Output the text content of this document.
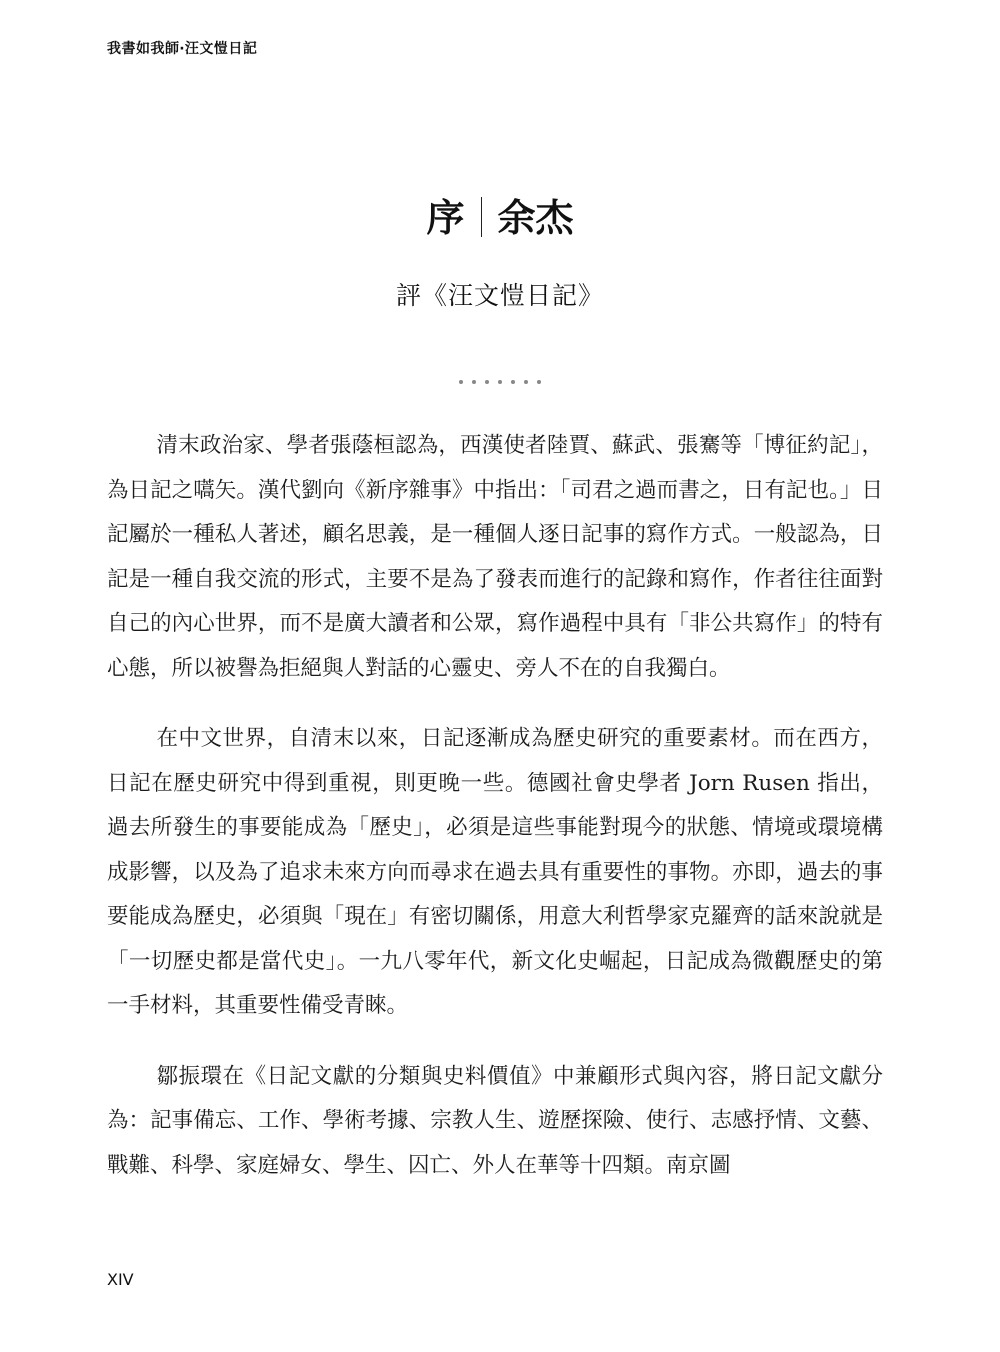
我書如我師‧汪文愷日記
序 余杰
評《汪文愷日記》

清末政治家、學者張蔭桓認為，西漢使者陸賈、蘇武、張騫等「博征約記」，為日記之嚆矢。漢代劉向《新序雜事》中指出：「司君之過而書之，日有記也。」日記屬於一種私人著述，顧名思義，是一種個人逐日記事的寫作方式。一般認為，日記是一種自我交流的形式，主要不是為了發表而進行的記錄和寫作，作者往往面對自己的內心世界，而不是廣大讀者和公眾，寫作過程中具有「非公共寫作」的特有心態，所以被譽為拒絕與人對話的心靈史、旁人不在的自我獨白。

在中文世界，自清末以來，日記逐漸成為歷史研究的重要素材。而在西方，日記在歷史研究中得到重視，則更晚一些。德國社會史學者 Jorn Rusen 指出，過去所發生的事要能成為「歷史」，必須是這些事能對現今的狀態、情境或環境構成影響，以及為了追求未來方向而尋求在過去具有重要性的事物。亦即，過去的事要能成為歷史，必須與「現在」有密切關係，用意大利哲學家克羅齊的話來說就是「一切歷史都是當代史」。一九八零年代，新文化史崛起，日記成為微觀歷史的第一手材料，其重要性備受青睞。

鄒振環在《日記文獻的分類與史料價值》中兼顧形式與內容，將日記文獻分為：記事備忘、工作、學術考據、宗教人生、遊歷探險、使行、志感抒情、文藝、戰難、科學、家庭婦女、學生、囚亡、外人在華等十四類。南京圖

XIV
